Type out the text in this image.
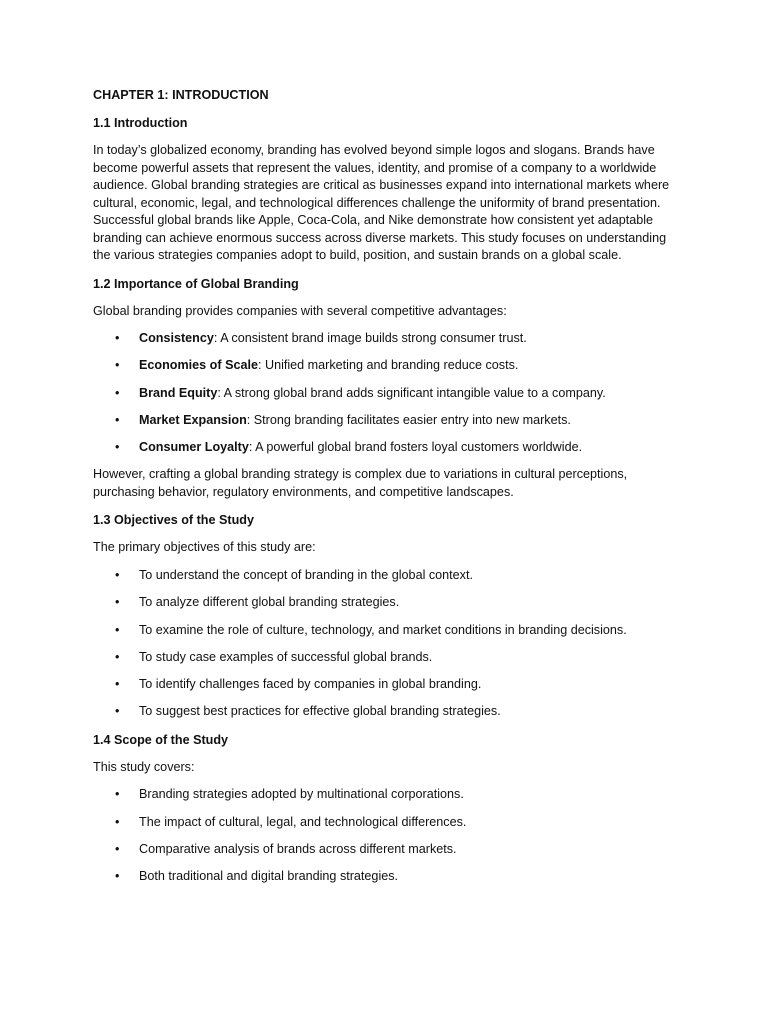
CHAPTER 1: INTRODUCTION

1.1 Introduction

In today’s globalized economy, branding has evolved beyond simple logos and slogans. Brands have become powerful assets that represent the values, identity, and promise of a company to a worldwide audience. Global branding strategies are critical as businesses expand into international markets where cultural, economic, legal, and technological differences challenge the uniformity of brand presentation. Successful global brands like Apple, Coca-Cola, and Nike demonstrate how consistent yet adaptable branding can achieve enormous success across diverse markets. This study focuses on understanding the various strategies companies adopt to build, position, and sustain brands on a global scale.

1.2 Importance of Global Branding

Global branding provides companies with several competitive advantages:

• Consistency: A consistent brand image builds strong consumer trust.
• Economies of Scale: Unified marketing and branding reduce costs.
• Brand Equity: A strong global brand adds significant intangible value to a company.
• Market Expansion: Strong branding facilitates easier entry into new markets.
• Consumer Loyalty: A powerful global brand fosters loyal customers worldwide.

However, crafting a global branding strategy is complex due to variations in cultural perceptions, purchasing behavior, regulatory environments, and competitive landscapes.

1.3 Objectives of the Study

The primary objectives of this study are:

• To understand the concept of branding in the global context.
• To analyze different global branding strategies.
• To examine the role of culture, technology, and market conditions in branding decisions.
• To study case examples of successful global brands.
• To identify challenges faced by companies in global branding.
• To suggest best practices for effective global branding strategies.

1.4 Scope of the Study

This study covers:

• Branding strategies adopted by multinational corporations.
• The impact of cultural, legal, and technological differences.
• Comparative analysis of brands across different markets.
• Both traditional and digital branding strategies.
